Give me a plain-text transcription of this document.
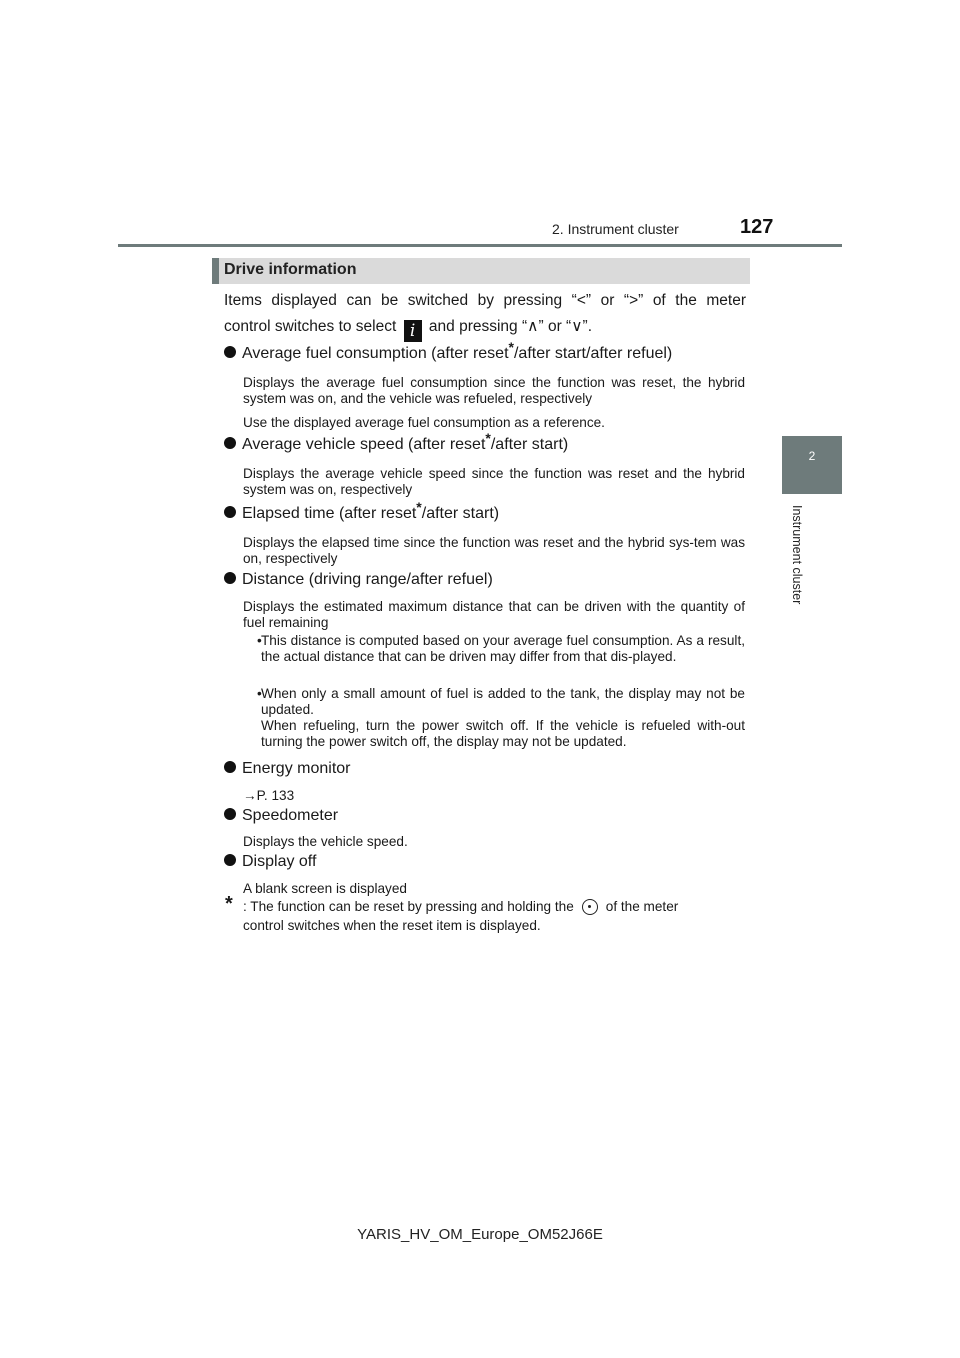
2. Instrument cluster	127
2
Instrument cluster
Drive information
Items displayed can be switched by pressing “<” or “>” of the meter
control switches to select i and pressing “∧” or “∨”.
Average fuel consumption (after reset*/after start/after refuel)
Displays the average fuel consumption since the function was reset, the hybrid system was on, and the vehicle was refueled, respectively
Use the displayed average fuel consumption as a reference.
Average vehicle speed (after reset*/after start)
Displays the average vehicle speed since the function was reset and the hybrid system was on, respectively
Elapsed time (after reset*/after start)
Displays the elapsed time since the function was reset and the hybrid sys-tem was on, respectively
Distance (driving range/after refuel)
Displays the estimated maximum distance that can be driven with the quantity of fuel remaining
• This distance is computed based on your average fuel consumption. As a result, the actual distance that can be driven may differ from that dis-played.
• When only a small amount of fuel is added to the tank, the display may not be updated.
When refueling, turn the power switch off. If the vehicle is refueled with-out turning the power switch off, the display may not be updated.
Energy monitor
→P. 133
Speedometer
Displays the vehicle speed.
Display off
A blank screen is displayed
* : The function can be reset by pressing and holding the of the meter
control switches when the reset item is displayed.
YARIS_HV_OM_Europe_OM52J66E
